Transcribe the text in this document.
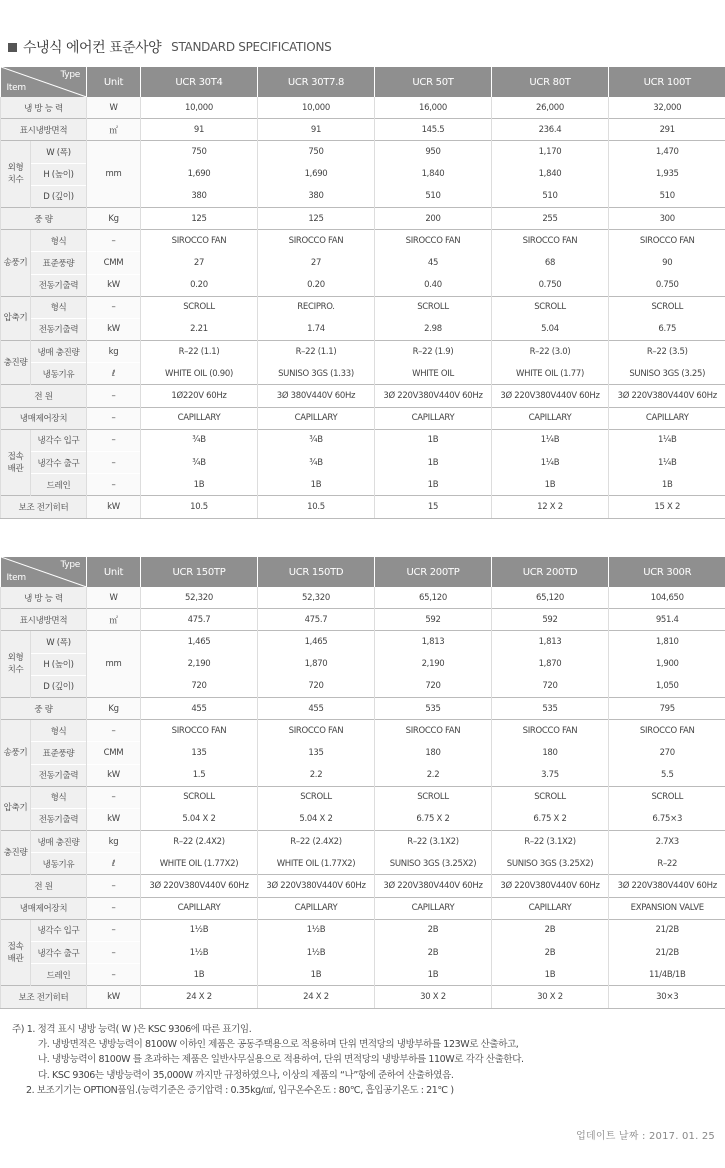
수냉식 에어컨 표준사양 STANDARD SPECIFICATIONS
Type
Item		Unit	UCR 30T4	UCR 30T7.8	UCR 50T	UCR 80T	UCR 100T
냉 방 능 력		W	10,000	10,000	16,000	26,000	32,000
표시냉방면적		㎡	91	91	145.5	236.4	291
외형
치수	W (폭)	mm	750	750	950	1,170	1,470
	H (높이)		1,690	1,690	1,840	1,840	1,935
	D (깊이)		380	380	510	510	510
중 량		Kg	125	125	200	255	300
송풍기	형식	–	SIROCCO FAN	SIROCCO FAN	SIROCCO FAN	SIROCCO FAN	SIROCCO FAN
	표준풍량	CMM	27	27	45	68	90
	전동기출력	kW	0.20	0.20	0.40	0.750	0.750
압축기	형식	–	SCROLL	RECIPRO.	SCROLL	SCROLL	SCROLL
	전동기출력	kW	2.21	1.74	2.98	5.04	6.75
충진량	냉매 충진량	kg	R–22 (1.1)	R–22 (1.1)	R–22 (1.9)	R–22 (3.0)	R–22 (3.5)
	냉동기유	ℓ	WHITE OIL (0.90)	SUNISO 3GS (1.33)	WHITE OIL	WHITE OIL (1.77)	SUNISO 3GS (3.25)
전 원		–	1Ø220V 60Hz	3Ø 380V440V 60Hz	3Ø 220V380V440V 60Hz	3Ø 220V380V440V 60Hz	3Ø 220V380V440V 60Hz
냉매제어장치		–	CAPILLARY	CAPILLARY	CAPILLARY	CAPILLARY	CAPILLARY
접속
배관	냉각수 입구	–	¾B	¾B	1B	1¼B	1¼B
	냉각수 출구	–	¾B	¾B	1B	1¼B	1¼B
	드레인	–	1B	1B	1B	1B	1B
보조 전기히터		kW	10.5	10.5	15	12 X 2	15 X 2
Type
Item		Unit	UCR 150TP	UCR 150TD	UCR 200TP	UCR 200TD	UCR 300R
냉 방 능 력		W	52,320	52,320	65,120	65,120	104,650
표시냉방면적		㎡	475.7	475.7	592	592	951.4
외형
치수	W (폭)	mm	1,465	1,465	1,813	1,813	1,810
	H (높이)		2,190	1,870	2,190	1,870	1,900
	D (깊이)		720	720	720	720	1,050
중 량		Kg	455	455	535	535	795
송풍기	형식	–	SIROCCO FAN	SIROCCO FAN	SIROCCO FAN	SIROCCO FAN	SIROCCO FAN
	표준풍량	CMM	135	135	180	180	270
	전동기출력	kW	1.5	2.2	2.2	3.75	5.5
압축기	형식	–	SCROLL	SCROLL	SCROLL	SCROLL	SCROLL
	전동기출력	kW	5.04 X 2	5.04 X 2	6.75 X 2	6.75 X 2	6.75×3
충진량	냉매 충진량	kg	R–22 (2.4X2)	R–22 (2.4X2)	R–22 (3.1X2)	R–22 (3.1X2)	2.7X3
	냉동기유	ℓ	WHITE OIL (1.77X2)	WHITE OIL (1.77X2)	SUNISO 3GS (3.25X2)	SUNISO 3GS (3.25X2)	R–22
전 원		–	3Ø 220V380V440V 60Hz	3Ø 220V380V440V 60Hz	3Ø 220V380V440V 60Hz	3Ø 220V380V440V 60Hz	3Ø 220V380V440V 60Hz
냉매제어장치		–	CAPILLARY	CAPILLARY	CAPILLARY	CAPILLARY	EXPANSION VALVE
접속
배관	냉각수 입구	–	1½B	1½B	2B	2B	21/2B
	냉각수 출구	–	1½B	1½B	2B	2B	21/2B
	드레인	–	1B	1B	1B	1B	11/4B/1B
보조 전기히터		kW	24 X 2	24 X 2	30 X 2	30 X 2	30×3
주) 1. 정격 표시 냉방 능력( W )은 KSC 9306에 따른 표기임.
가. 냉방면적은 냉방능력이 8100W 이하인 제품은 공동주택용으로 적용하며 단위 면적당의 냉방부하를 123W로 산출하고,
나. 냉방능력이 8100W 를 초과하는 제품은 일반사무실용으로 적용하여, 단위 면적당의 냉방부하를 110W로 각각 산출한다.
다. KSC 9306는 냉방능력이 35,000W 까지만 규정하였으나, 이상의 제품의 “나”항에 준하여 산출하였음.
2. 보조기기는 OPTION품임.(능력기준은 증기압력 : 0.35kg/㎠, 입구온수온도 : 80℃, 흡입공기온도 : 21℃ )
업데이트 날짜 : 2017. 01. 25
